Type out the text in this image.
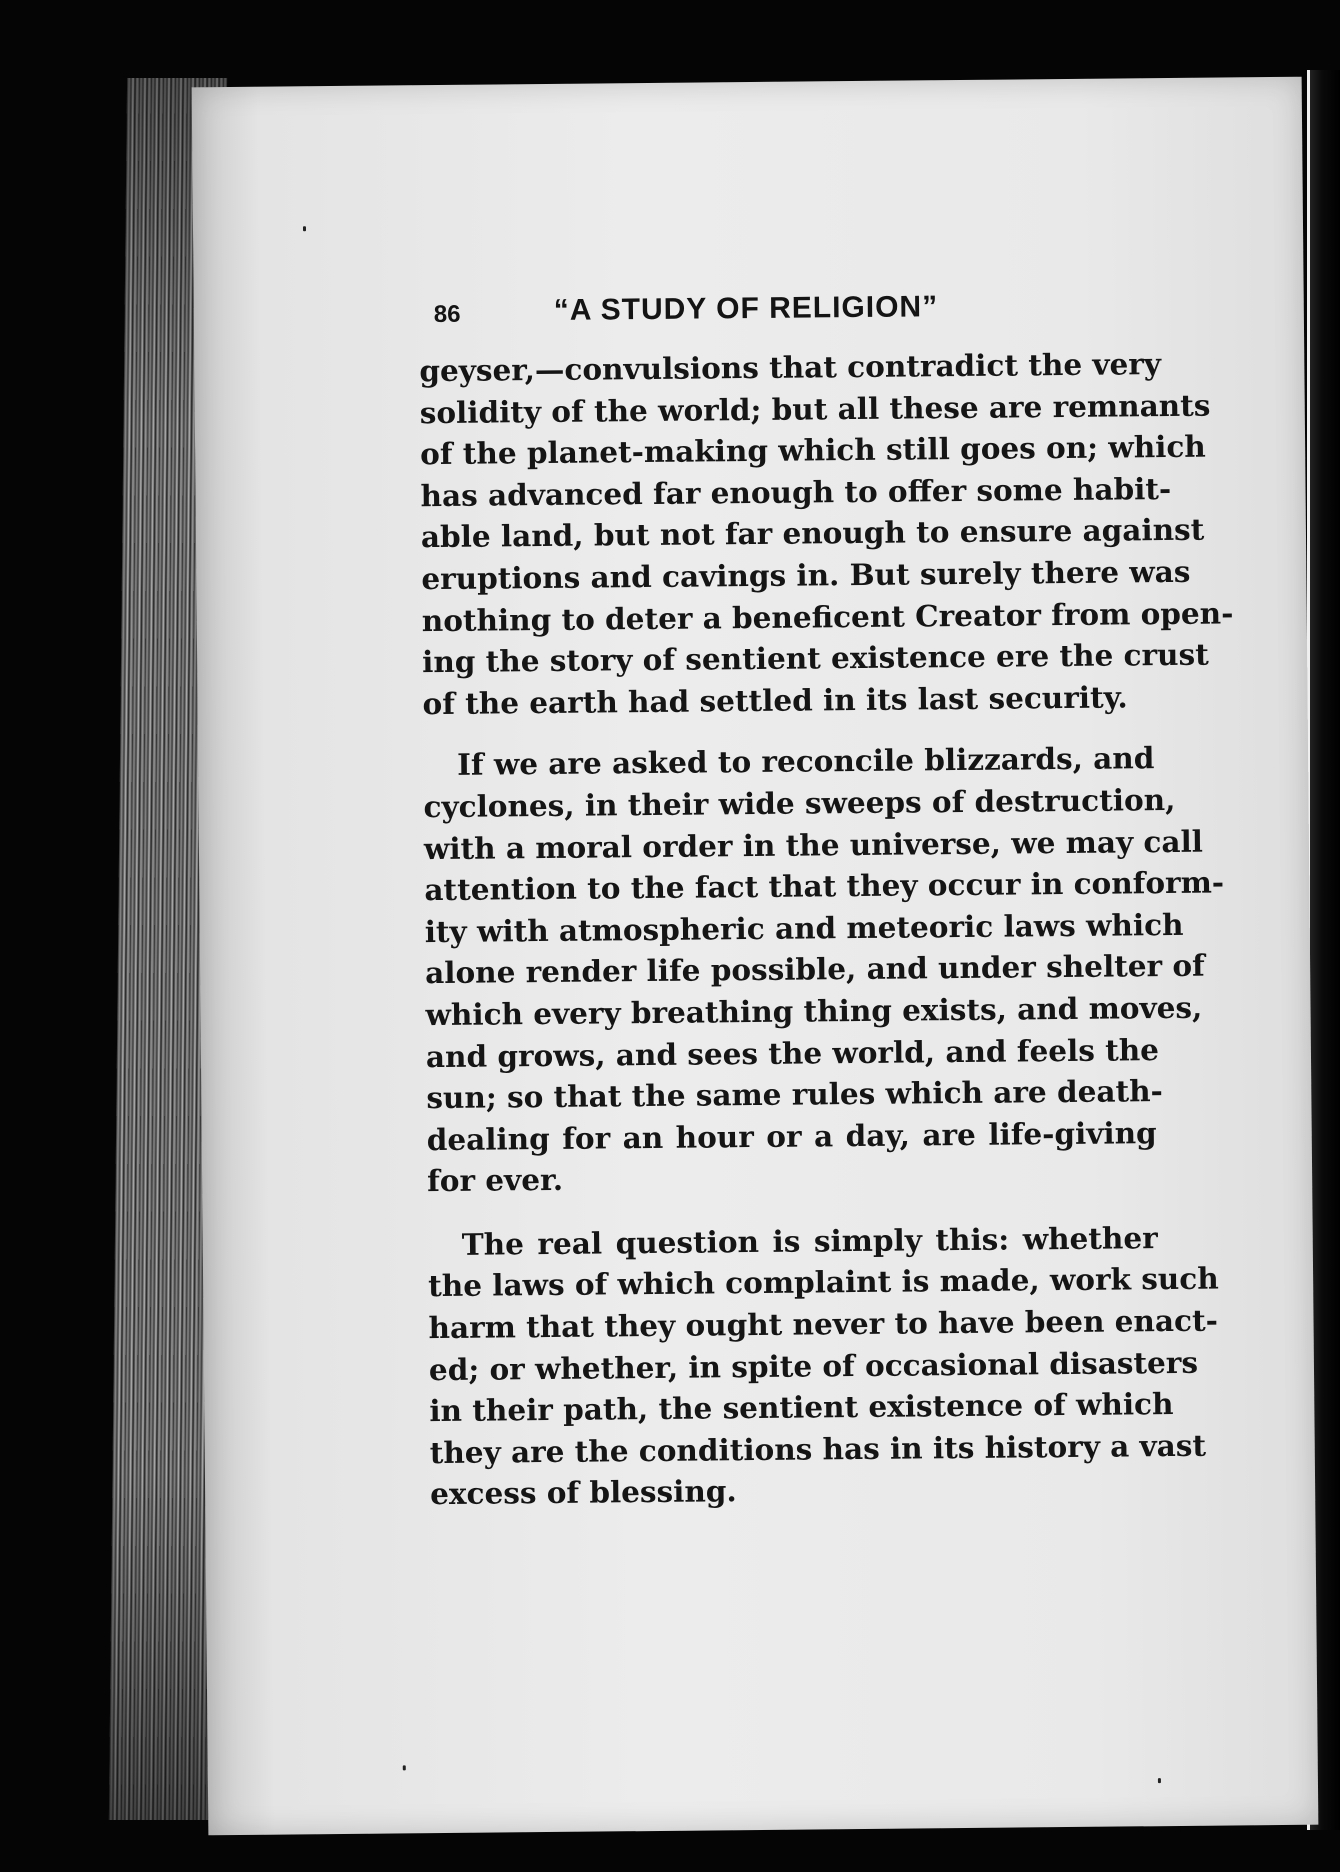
86	“A STUDY OF RELIGION”
geyser,—convulsions that contradict the very
solidity of the world; but all these are remnants
of the planet-making which still goes on; which
has advanced far enough to offer some habit-
able land, but not far enough to ensure against
eruptions and cavings in. But surely there was
nothing to deter a beneficent Creator from open-
ing the story of sentient existence ere the crust
of the earth had settled in its last security.
If we are asked to reconcile blizzards, and
cyclones, in their wide sweeps of destruction,
with a moral order in the universe, we may call
attention to the fact that they occur in conform-
ity with atmospheric and meteoric laws which
alone render life possible, and under shelter of
which every breathing thing exists, and moves,
and grows, and sees the world, and feels the
sun; so that the same rules which are death-
dealing for an hour or a day, are life-giving
for ever.
The real question is simply this: whether
the laws of which complaint is made, work such
harm that they ought never to have been enact-
ed; or whether, in spite of occasional disasters
in their path, the sentient existence of which
they are the conditions has in its history a vast
excess of blessing.
